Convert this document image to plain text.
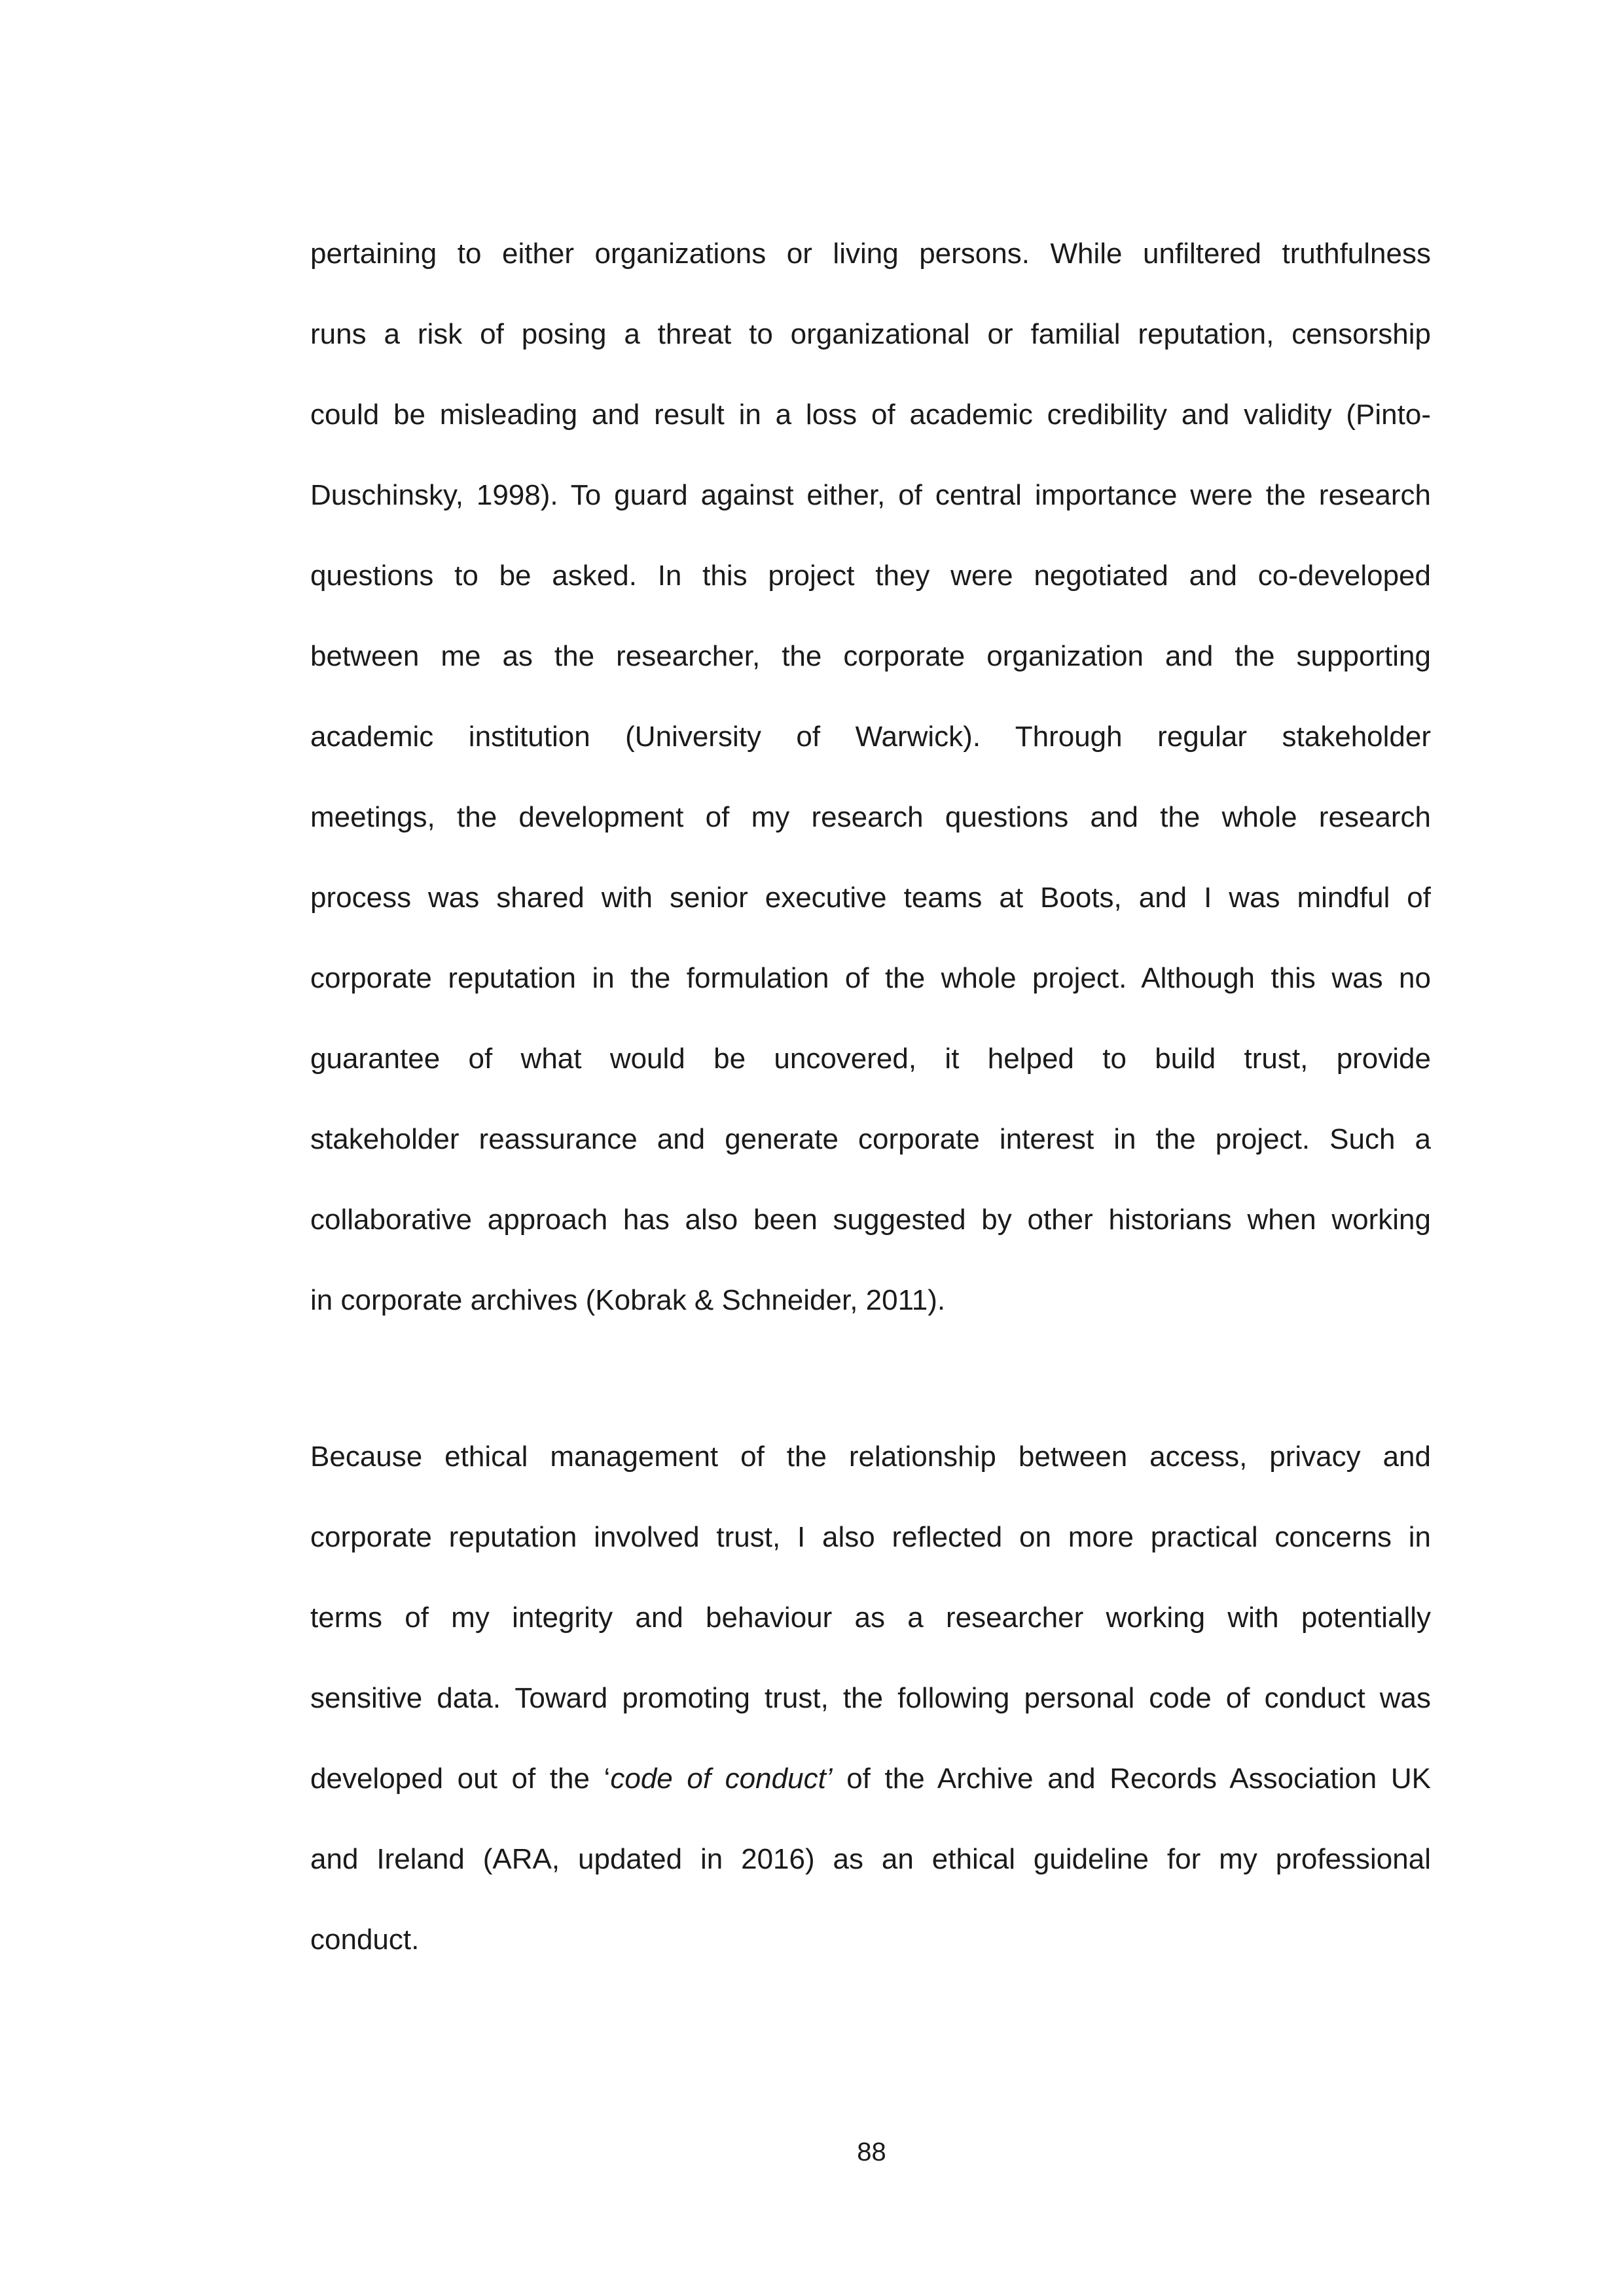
pertaining to either organizations or living persons. While unfiltered truthfulness
runs a risk of posing a threat to organizational or familial reputation, censorship
could be misleading and result in a loss of academic credibility and validity (Pinto-
Duschinsky, 1998). To guard against either, of central importance were the research
questions to be asked. In this project they were negotiated and co-developed
between me as the researcher, the corporate organization and the supporting
academic institution (University of Warwick). Through regular stakeholder
meetings, the development of my research questions and the whole research
process was shared with senior executive teams at Boots, and I was mindful of
corporate reputation in the formulation of the whole project. Although this was no
guarantee of what would be uncovered, it helped to build trust, provide
stakeholder reassurance and generate corporate interest in the project. Such a
collaborative approach has also been suggested by other historians when working
in corporate archives (Kobrak & Schneider, 2011).
Because ethical management of the relationship between access, privacy and
corporate reputation involved trust, I also reflected on more practical concerns in
terms of my integrity and behaviour as a researcher working with potentially
sensitive data. Toward promoting trust, the following personal code of conduct was
developed out of the ‘code of conduct’ of the Archive and Records Association UK
and Ireland (ARA, updated in 2016) as an ethical guideline for my professional
conduct.
88
